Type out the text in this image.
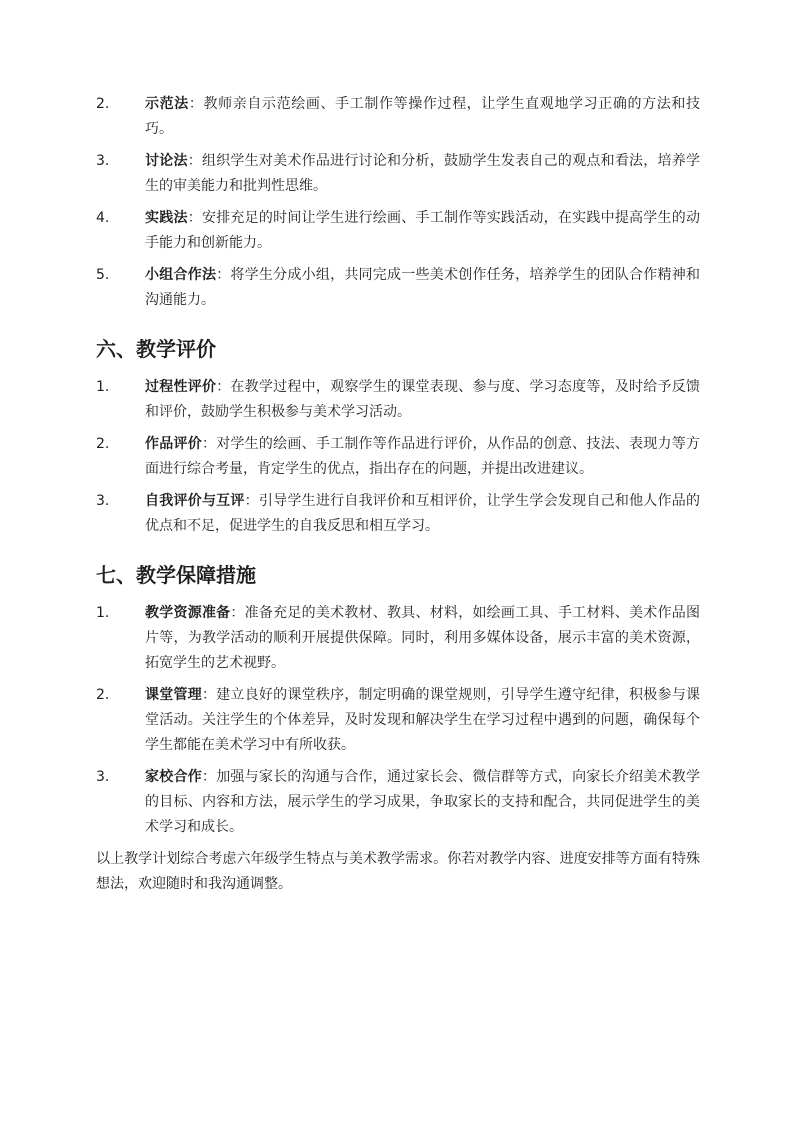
2.	示范法：教师亲自示范绘画、手工制作等操作过程，让学生直观地学习正确的方法和技巧。
3.	讨论法：组织学生对美术作品进行讨论和分析，鼓励学生发表自己的观点和看法，培养学生的审美能力和批判性思维。
4.	实践法：安排充足的时间让学生进行绘画、手工制作等实践活动，在实践中提高学生的动手能力和创新能力。
5.	小组合作法：将学生分成小组，共同完成一些美术创作任务，培养学生的团队合作精神和沟通能力。
六、教学评价
1.	过程性评价：在教学过程中，观察学生的课堂表现、参与度、学习态度等，及时给予反馈和评价，鼓励学生积极参与美术学习活动。
2.	作品评价：对学生的绘画、手工制作等作品进行评价，从作品的创意、技法、表现力等方面进行综合考量，肯定学生的优点，指出存在的问题，并提出改进建议。
3.	自我评价与互评：引导学生进行自我评价和互相评价，让学生学会发现自己和他人作品的优点和不足，促进学生的自我反思和相互学习。
七、教学保障措施
1.	教学资源准备：准备充足的美术教材、教具、材料，如绘画工具、手工材料、美术作品图片等，为教学活动的顺利开展提供保障。同时，利用多媒体设备，展示丰富的美术资源，拓宽学生的艺术视野。
2.	课堂管理：建立良好的课堂秩序，制定明确的课堂规则，引导学生遵守纪律，积极参与课堂活动。关注学生的个体差异，及时发现和解决学生在学习过程中遇到的问题，确保每个学生都能在美术学习中有所收获。
3.	家校合作：加强与家长的沟通与合作，通过家长会、微信群等方式，向家长介绍美术教学的目标、内容和方法，展示学生的学习成果，争取家长的支持和配合，共同促进学生的美术学习和成长。
以上教学计划综合考虑六年级学生特点与美术教学需求。你若对教学内容、进度安排等方面有特殊想法，欢迎随时和我沟通调整。
